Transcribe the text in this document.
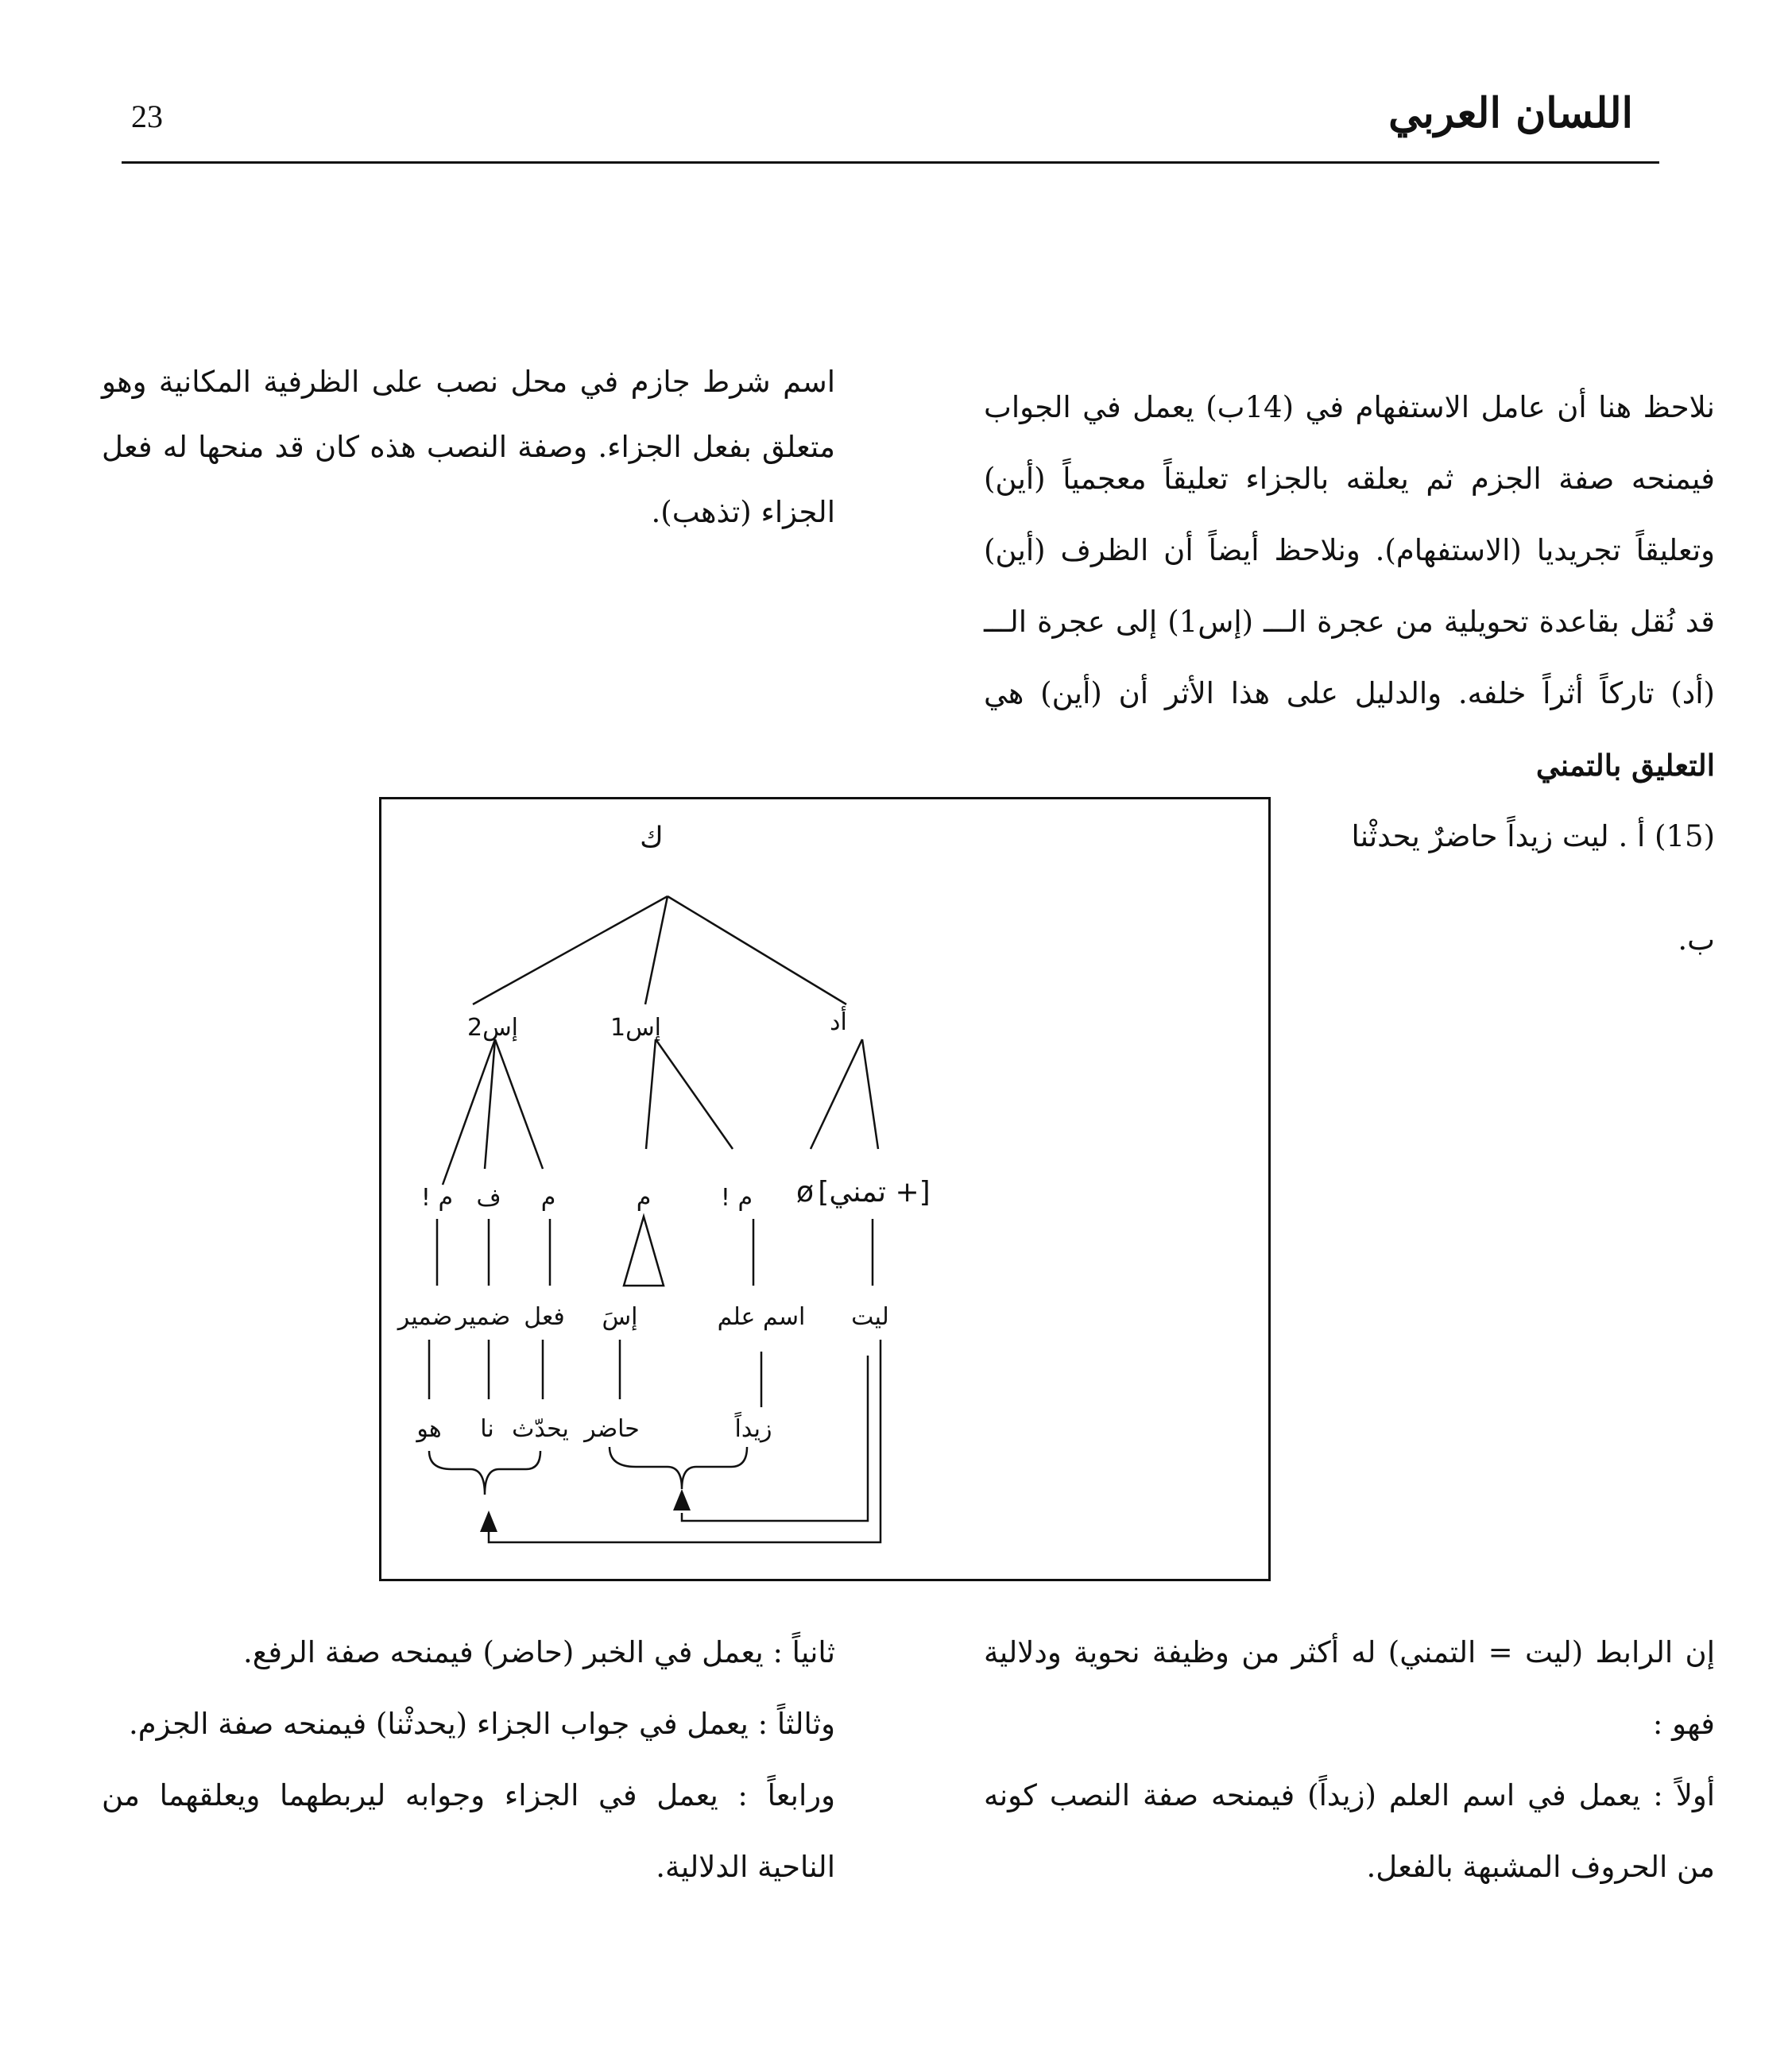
23	اللسان العربي
نلاحظ هنا أن عامل الاستفهام في (14ب) يعمل في الجواب
فيمنحه صفة الجزم ثم يعلقه بالجزاء تعليقاً معجمياً (أين)
وتعليقاً تجريديا (الاستفهام). ونلاحظ أيضاً أن الظرف (أين)
قد نُقل بقاعدة تحويلية من عجرة الـــ (إس1) إلى عجرة الـــ
(أد) تاركاً أثراً خلفه. والدليل على هذا الأثر أن (أين) هي
التعليق بالتمني
(15) أ . ليت زيداً حاضرٌ يحدثْنا
ب.
اسم شرط جازم في محل نصب على الظرفية المكانية وهو
متعلق بفعل الجزاء. وصفة النصب هذه كان قد منحها له فعل
الجزاء (تذهب).
ك
أد
إس1
إس2
[+ تمني]
ø
م !
م
م
ف
م !
ليت
اسم علم
إسَ
فعل
ضمير
ضمير
زيداً
حاضر
يحدّث
نا
هو
إن الرابط (ليت = التمني) له أكثر من وظيفة نحوية ودلالية
فهو :
أولاً : يعمل في اسم العلم (زيداً) فيمنحه صفة النصب كونه
من الحروف المشبهة بالفعل.
ثانياً : يعمل في الخبر (حاضر) فيمنحه صفة الرفع.
وثالثاً : يعمل في جواب الجزاء (يحدثْنا) فيمنحه صفة الجزم.
ورابعاً : يعمل في الجزاء وجوابه ليربطهما ويعلقهما من
الناحية الدلالية.
